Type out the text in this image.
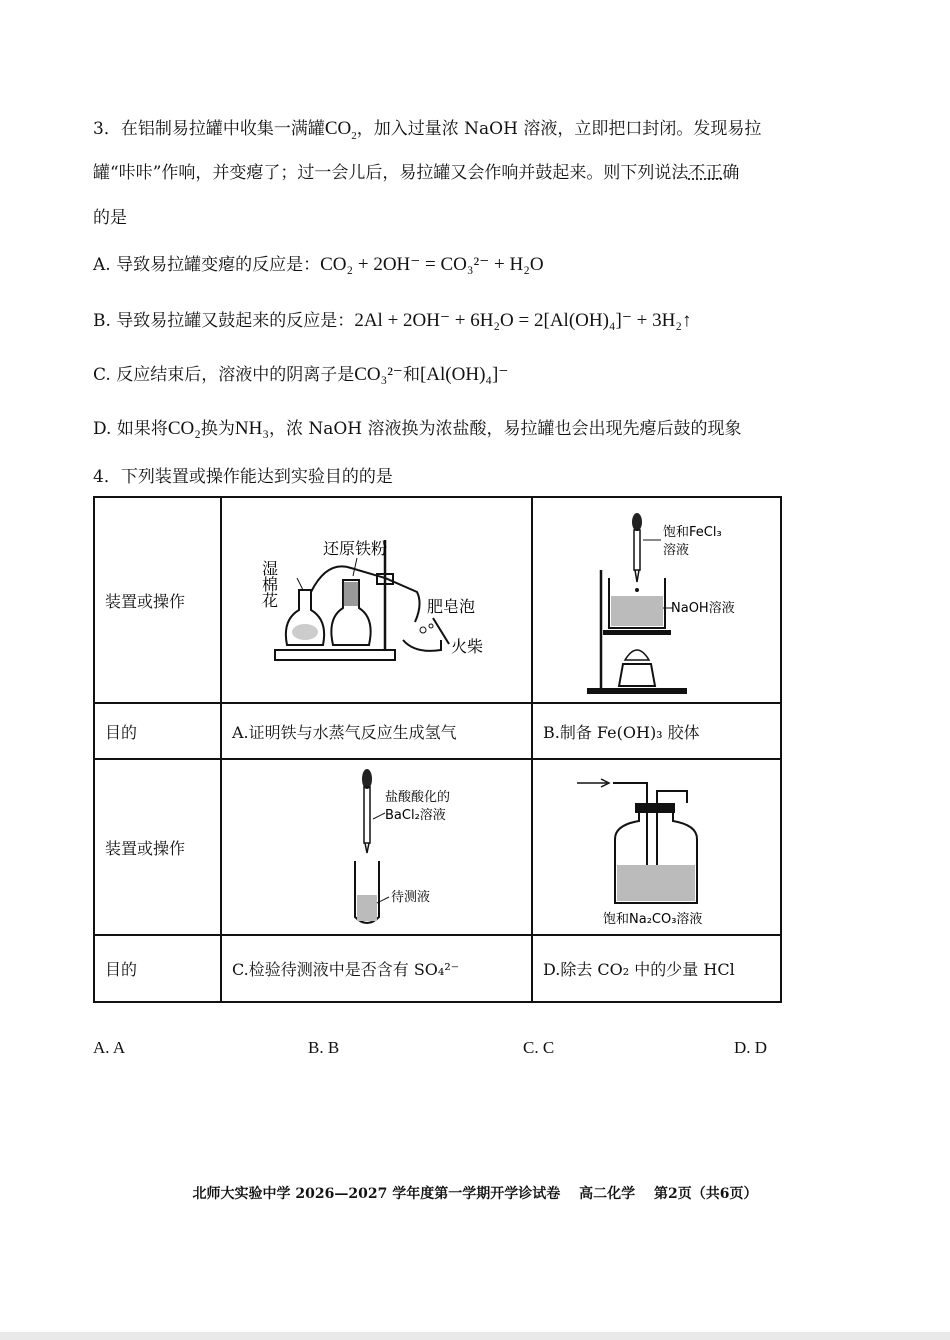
3．在铝制易拉罐中收集一满罐$CO_2$，加入过量浓 NaOH 溶液，立即把口封闭。发现易拉
罐“咔咔”作响，并变瘪了；过一会儿后，易拉罐又会作响并鼓起来。则下列说法不正确
的是
A. 导致易拉罐变瘪的反应是：CO₂ + 2OH⁻ = CO₃²⁻ + H₂O
B. 导致易拉罐又鼓起来的反应是：2Al + 2OH⁻ + 6H₂O = 2[Al(OH)₄]⁻ + 3H₂↑
C. 反应结束后，溶液中的阴离子是CO₃²⁻和[Al(OH)₄]⁻
D. 如果将CO₂换为NH₃，浓 NaOH 溶液换为浓盐酸，易拉罐也会出现先瘪后鼓的现象
4．下列装置或操作能达到实验目的的是
装置或操作	湿棉花
还原铁粉
肥皂泡
火柴	饱和FeCl₃
溶液
NaOH溶液

目的	A.证明铁与水蒸气反应生成氢气	B.制备 Fe(OH)₃ 胶体
装置或操作	盐酸酸化的
BaCl₂溶液
待测液	饱和Na₂CO₃溶液

目的	C.检验待测液中是否含有 SO₄²⁻	D.除去 CO₂ 中的少量 HCl
A. A	B. B	C. C	D. D
北师大实验中学 2026—2027 学年度第一学期开学诊试卷 高二化学 第2页（共6页）
